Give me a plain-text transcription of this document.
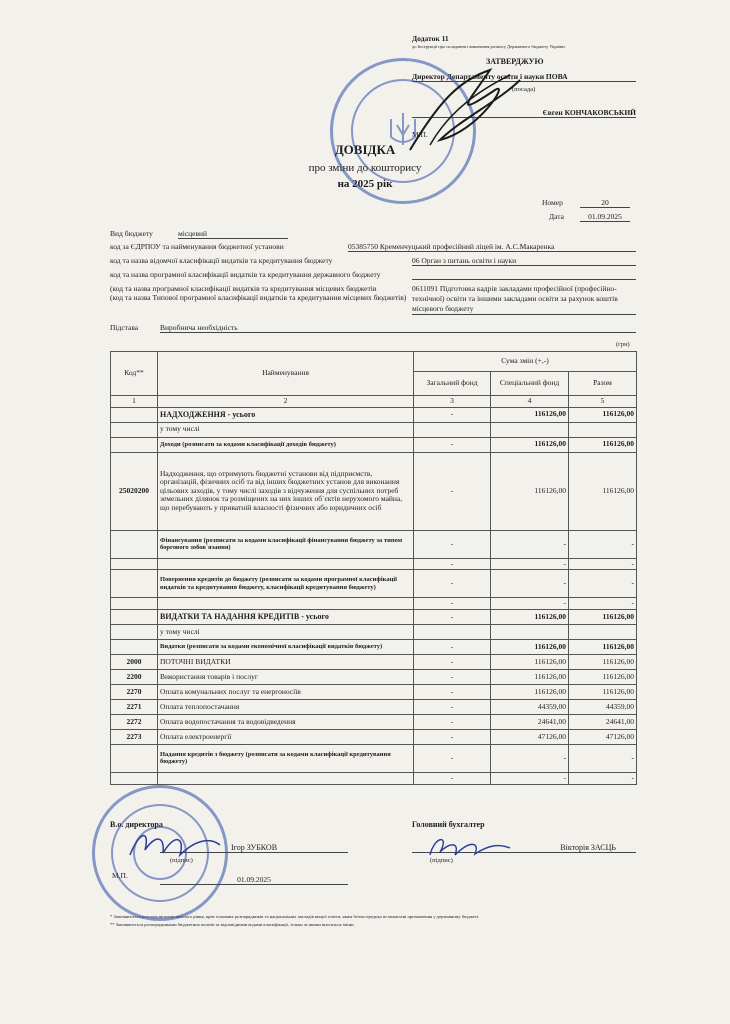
Додаток 11
до Інструкції про складання і виконання розпису Державного бюджету України
ЗАТВЕРДЖУЮ
Директор Департаменту освіти і науки ПОВА
(посада)
Євген КОНЧАКОВСЬКИЙ
М.П.
ДОВІДКА
про зміни до кошторису
на 2025 рік
Номер	20
Дата	01.09.2025
Вид бюджету	місцевий
код за ЄДРПОУ та найменування бюджетної установи	05385750 Кременчуцький професійний ліцей ім. А.С.Макаренка
код та назва відомчої класифікації видатків та кредитування бюджету	06 Орган з питань освіти і науки
код та назва програмної класифікації видатків та кредитування державного бюджету
(код та назва програмної класифікації видатків та кредитування місцевих бюджетів
(код та назва Типової програмної класифікації видатків та кредитування місцевих бюджетів)
0611091 Підготовка кадрів закладами професійної (професійно-технічної) освіти та іншими закладами освіти за рахунок коштів місцевого бюджету
Підстава	Виробнича необхідність
(грн)
Код**	Найменування	Сума змін (+,-)		
		Загальний фонд	Спеціальний фонд	Разом
1	2	3	4	5
	НАДХОДЖЕННЯ - усього	-	116126,00	116126,00
	у тому числі			
	Доходи (розписати за кодами класифікації доходів бюджету)	-	116126,00	116126,00
25020200	Надходження, що отримують бюджетні установи від підприємств, організацій, фізичних осіб та від інших бюджетних установ для виконання цільових заходів, у тому числі заходів з відчуження для суспільних потреб земельних ділянок та розміщених на них інших об`єктів нерухомого майна, що перебувають у приватній власності фізичних або юридичних осіб	-	116126,00	116126,00
	Фінансування (розписати за кодами класифікації фінансування бюджету за типом боргового зобов`язання)	-	-	-
		-	-	-
	Повернення кредитів до бюджету (розписати за кодами програмної класифікації видатків та кредитування бюджету, класифікації кредитування бюджету)	-	-	-
		-	-	-
	ВИДАТКИ ТА НАДАННЯ КРЕДИТІВ - усього	-	116126,00	116126,00
	у тому числі			
	Видатки (розписати за кодами економічної класифікації видатків бюджету)	-	116126,00	116126,00
2000	ПОТОЧНІ ВИДАТКИ	-	116126,00	116126,00
2200	Використання товарів і послуг	-	116126,00	116126,00
2270	Оплата комунальних послуг та енергоносіїв	-	116126,00	116126,00
2271	Оплата теплопостачання	-	44359,00	44359,00
2272	Оплата водопостачання та водовідведення	-	24641,00	24641,00
2273	Оплата електроенергії	-	47126,00	47126,00
	Надання кредитів з бюджету (розписати за кодами класифікації кредитування бюджету)	-	-	-
		-	-	-
В.о. директора
Ігор ЗУБКОВ
(підпис)
М.П.	01.09.2025
Головний бухгалтер
Вікторія ЗАСЦЬ
(підпис)
* Заповнюється розпорядниками нижчого рівня, крім головних розпорядників та національних закладів вищої освіти, яким безпосередньо встановлені призначення у державному бюджеті.
** Заповнюється розпорядниками бюджетних коштів за відповідними кодами класифікації, тільки за якими вносяться зміни.
